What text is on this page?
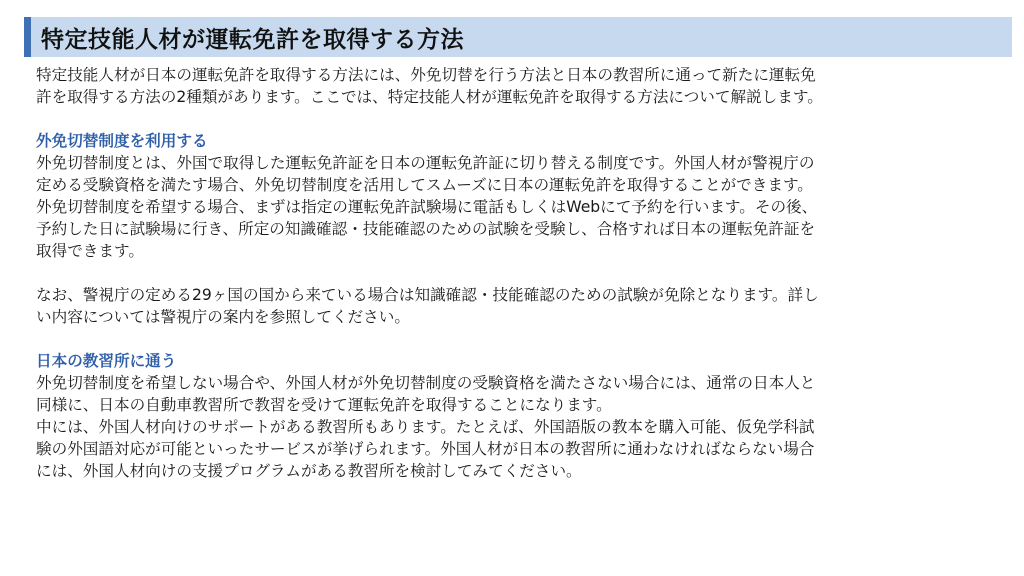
特定技能人材が運転免許を取得する方法
特定技能人材が日本の運転免許を取得する方法には、外免切替を行う方法と日本の教習所に通って新たに運転免
許を取得する方法の2種類があります。ここでは、特定技能人材が運転免許を取得する方法について解説します。
外免切替制度を利用する
外免切替制度とは、外国で取得した運転免許証を日本の運転免許証に切り替える制度です。外国人材が警視庁の
定める受験資格を満たす場合、外免切替制度を活用してスムーズに日本の運転免許を取得することができます。
外免切替制度を希望する場合、まずは指定の運転免許試験場に電話もしくはWebにて予約を行います。その後、
予約した日に試験場に行き、所定の知識確認・技能確認のための試験を受験し、合格すれば日本の運転免許証を
取得できます。
なお、警視庁の定める29ヶ国の国から来ている場合は知識確認・技能確認のための試験が免除となります。詳し
い内容については警視庁の案内を参照してください。
日本の教習所に通う
外免切替制度を希望しない場合や、外国人材が外免切替制度の受験資格を満たさない場合には、通常の日本人と
同様に、日本の自動車教習所で教習を受けて運転免許を取得することになります。
中には、外国人材向けのサポートがある教習所もあります。たとえば、外国語版の教本を購入可能、仮免学科試
験の外国語対応が可能といったサービスが挙げられます。外国人材が日本の教習所に通わなければならない場合
には、外国人材向けの支援プログラムがある教習所を検討してみてください。
